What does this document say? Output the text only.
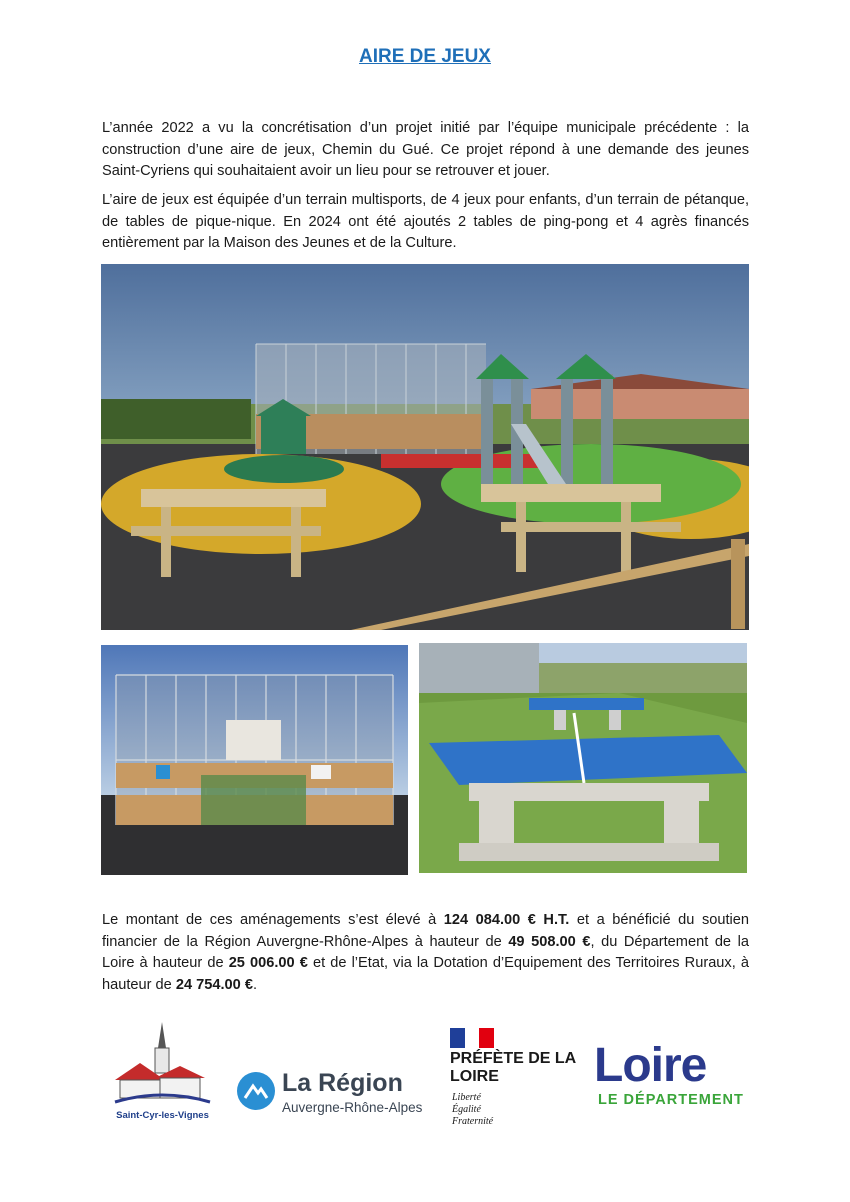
AIRE DE JEUX

L’année 2022 a vu la concrétisation d’un projet initié par l’équipe municipale précédente : la construction d’une aire de jeux, Chemin du Gué. Ce projet répond à une demande des jeunes Saint-Cyriens qui souhaitaient avoir un lieu pour se retrouver et jouer.

L’aire de jeux est équipée d’un terrain multisports, de 4 jeux pour enfants, d’un terrain de pétanque, de tables de pique-nique. En 2024 ont été ajoutés 2 tables de ping-pong et 4 agrès financés entièrement par la Maison des Jeunes et de la Culture.

Le montant de ces aménagements s’est élevé à 124 084.00 € H.T. et a bénéficié du soutien financier de la Région Auvergne-Rhône-Alpes à hauteur de 49 508.00 €, du Département de la Loire à hauteur de 25 006.00 € et de l’Etat, via la Dotation d’Equipement des Territoires Ruraux, à hauteur de 24 754.00 €.

Saint-Cyr-les-Vignes
La Région
Auvergne-Rhône-Alpes
PRÉFÈTE DE LA LOIRE
Liberté
Égalité
Fraternité
Loire
LE DÉPARTEMENT
